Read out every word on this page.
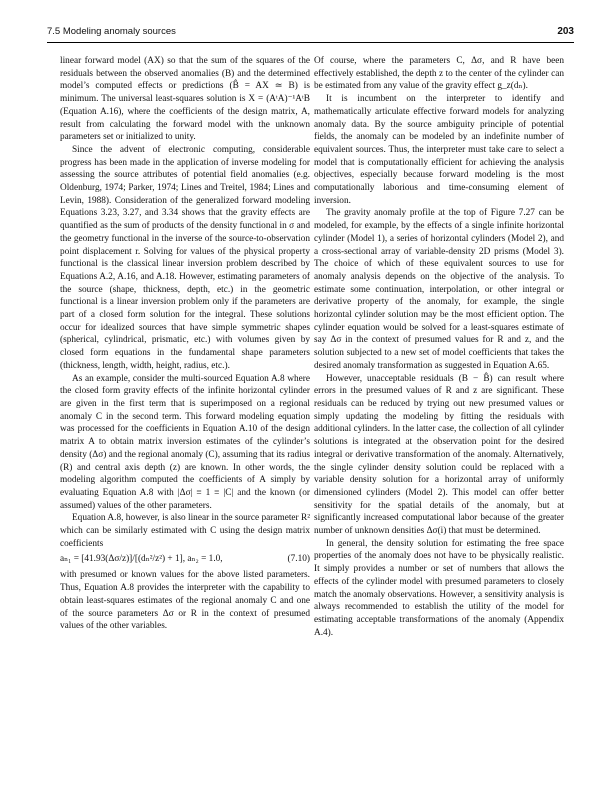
7.5 Modeling anomaly sources	203

linear forward model (AX) so that the sum of the squares of the residuals between the observed anomalies (B) and the determined model’s computed effects or predictions (B̂ = AX ≃ B) is minimum. The universal least-squares solution is X = (AᵗA)⁻¹AᵗB (Equation A.16), where the coefficients of the design matrix, A, result from calculating the forward model with the unknown parameters set or initialized to unity.

Since the advent of electronic computing, considerable progress has been made in the application of inverse modeling for assessing the source attributes of potential field anomalies (e.g. Oldenburg, 1974; Parker, 1974; Lines and Treitel, 1984; Lines and Levin, 1988). Consideration of the generalized forward modeling Equations 3.23, 3.27, and 3.34 shows that the gravity effects are quantified as the sum of products of the density functional in σ and the geometry functional in the inverse of the source-to-observation point displacement r. Solving for values of the physical property functional is the classical linear inversion problem described by Equations A.2, A.16, and A.18. However, estimating parameters of the source (shape, thickness, depth, etc.) in the geometric functional is a linear inversion problem only if the parameters are part of a closed form solution for the integral. These solutions occur for idealized sources that have simple symmetric shapes (spherical, cylindrical, prismatic, etc.) with volumes given by closed form equations in the fundamental shape parameters (thickness, length, width, height, radius, etc.).

As an example, consider the multi-sourced Equation A.8 where the closed form gravity effects of the infinite horizontal cylinder are given in the first term that is superimposed on a regional anomaly C in the second term. This forward modeling equation was processed for the coefficients in Equation A.10 of the design matrix A to obtain matrix inversion estimates of the cylinder’s density (Δσ) and the regional anomaly (C), assuming that its radius (R) and central axis depth (z) are known. In other words, the modeling algorithm computed the coefficients of A simply by evaluating Equation A.8 with |Δσ| ≡ 1 ≡ |C| and the known (or assumed) values of the other parameters.

Equation A.8, however, is also linear in the source parameter R² which can be similarly estimated with C using the design matrix coefficients

aₙ₁ = [41.93(Δσ/z)]/[(dₙ²/z²) + 1], aₙ₂ = 1.0,	(7.10)

with presumed or known values for the above listed parameters. Thus, Equation A.8 provides the interpreter with the capability to obtain least-squares estimates of the regional anomaly C and one of the source parameters Δσ or R in the context of presumed values of the other variables.

Of course, where the parameters C, Δσ, and R have been effectively established, the depth z to the center of the cylinder can be estimated from any value of the gravity effect g_z(dₙ).

It is incumbent on the interpreter to identify and mathematically articulate effective forward models for analyzing anomaly data. By the source ambiguity principle of potential fields, the anomaly can be modeled by an indefinite number of equivalent sources. Thus, the interpreter must take care to select a model that is computationally efficient for achieving the analysis objectives, especially because forward modeling is the most computationally laborious and time-consuming element of inversion.

The gravity anomaly profile at the top of Figure 7.27 can be modeled, for example, by the effects of a single infinite horizontal cylinder (Model 1), a series of horizontal cylinders (Model 2), and a cross-sectional array of variable-density 2D prisms (Model 3). The choice of which of these equivalent sources to use for anomaly analysis depends on the objective of the analysis. To estimate some continuation, interpolation, or other integral or derivative property of the anomaly, for example, the single horizontal cylinder solution may be the most efficient option. The cylinder equation would be solved for a least-squares estimate of say Δσ in the context of presumed values for R and z, and the solution subjected to a new set of model coefficients that takes the desired anomaly transformation as suggested in Equation A.65.

However, unacceptable residuals (B − B̂) can result where errors in the presumed values of R and z are significant. These residuals can be reduced by trying out new presumed values or simply updating the modeling by fitting the residuals with additional cylinders. In the latter case, the collection of all cylinder solutions is integrated at the observation point for the desired integral or derivative transformation of the anomaly. Alternatively, the single cylinder density solution could be replaced with a variable density solution for a horizontal array of uniformly dimensioned cylinders (Model 2). This model can offer better sensitivity for the spatial details of the anomaly, but at significantly increased computational labor because of the greater number of unknown densities Δσ(i) that must be determined.

In general, the density solution for estimating the free space properties of the anomaly does not have to be physically realistic. It simply provides a number or set of numbers that allows the effects of the cylinder model with presumed parameters to closely match the anomaly observations. However, a sensitivity analysis is always recommended to establish the utility of the model for estimating acceptable transformations of the anomaly (Appendix A.4).
